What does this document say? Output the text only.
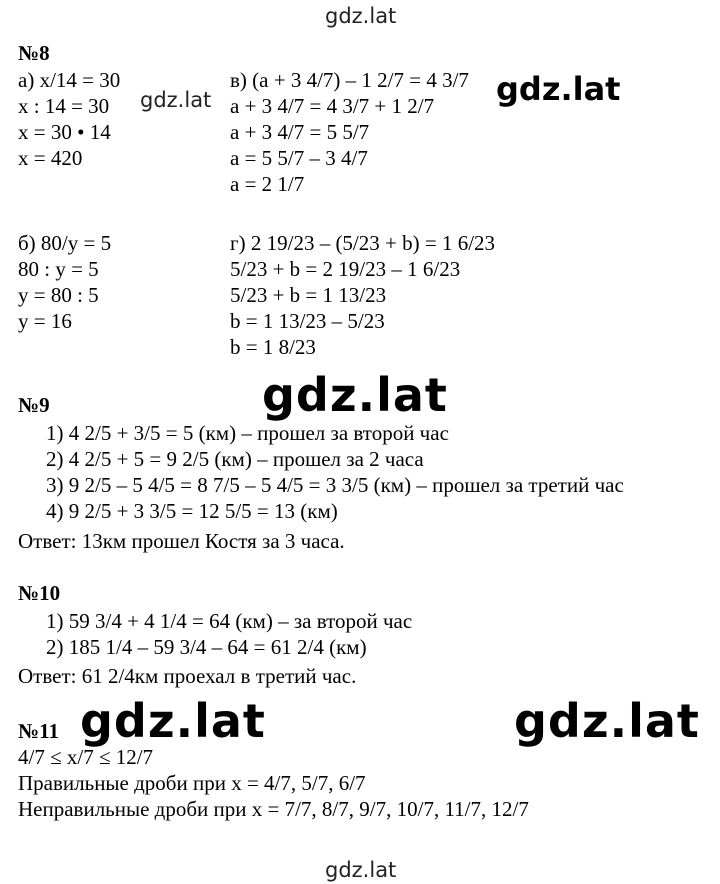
gdz.lat
№8
а) x/14 = 30
x : 14 = 30
x = 30 • 14
x = 420
gdz.lat
в) (a + 3 4/7) – 1 2/7 = 4 3/7
a + 3 4/7 = 4 3/7 + 1 2/7
a + 3 4/7 = 5 5/7
a = 5 5/7 – 3 4/7
a = 2 1/7
gdz.lat
б) 80/y = 5
80 : y = 5
y = 80 : 5
y = 16
г) 2 19/23 – (5/23 + b) = 1 6/23
5/23 + b = 2 19/23 – 1 6/23
5/23 + b = 1 13/23
b = 1 13/23 – 5/23
b = 1 8/23
№9	gdz.lat
1) 4 2/5 + 3/5 = 5 (км) – прошел за второй час
2) 4 2/5 + 5 = 9 2/5 (км) – прошел за 2 часа
3) 9 2/5 – 5 4/5 = 8 7/5 – 5 4/5 = 3 3/5 (км) – прошел за третий час
4) 9 2/5 + 3 3/5 = 12 5/5 = 13 (км)
Ответ: 13км прошел Костя за 3 часа.
№10
1) 59 3/4 + 4 1/4 = 64 (км) – за второй час
2) 185 1/4 – 59 3/4 – 64 = 61 2/4 (км)
Ответ: 61 2/4км проехал в третий час.
№11
4/7 ≤ x/7 ≤ 12/7
Правильные дроби при x = 4/7, 5/7, 6/7
Неправильные дроби при x = 7/7, 8/7, 9/7, 10/7, 11/7, 12/7
gdz.lat	gdz.lat
gdz.lat
